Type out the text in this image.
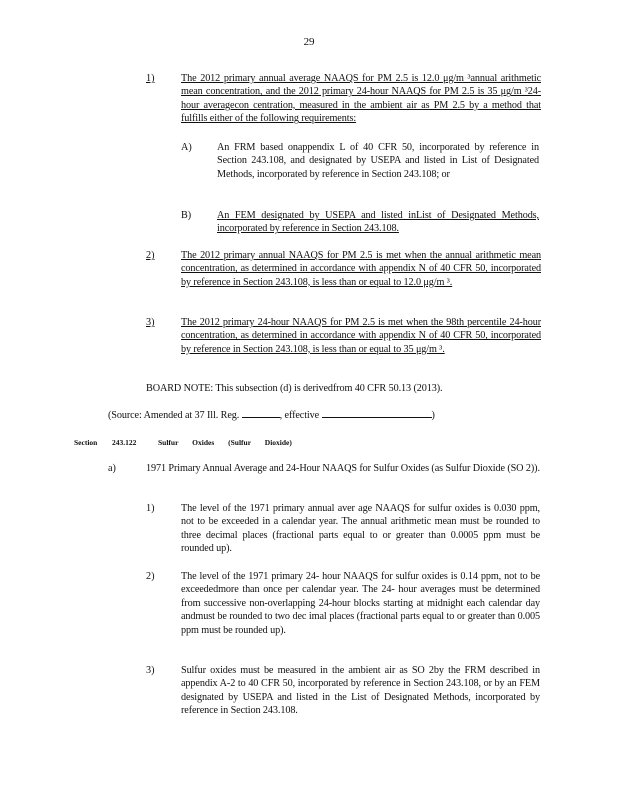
29
1)	The 2012 primary annual average NAAQS for PM 2.5 is 12.0 μg/m ³annual arithmetic mean concentration, and the 2012 primary 24-hour NAAQS for PM 2.5 is 35 μg/m ³24-hour averagecon centration, measured in the ambient air as PM 2.5 by a method that fulfills either of the following requirements:
A) An FRM based onappendix L of 40 CFR 50, incorporated by reference in Section 243.108, and designated by USEPA and listed in List of Designated Methods, incorporated by reference in Section 243.108; or
B)	An FEM designated by USEPA and listed inList of Designated Methods, incorporated by reference in Section 243.108.
2)	The 2012 primary annual NAAQS for PM 2.5 is met when the annual arithmetic mean concentration, as determined in accordance with appendix N of 40 CFR 50, incorporated by reference in Section 243.108, is less than or equal to 12.0 μg/m ³.
3)	The 2012 primary 24-hour NAAQS for PM 2.5 is met when the 98th percentile 24-hour concentration, as determined in accordance with appendix N of 40 CFR 50, incorporated by reference in Section 243.108, is less than or equal to 35 μg/m ³.
BOARD NOTE: This subsection (d) is derivedfrom 40 CFR 50.13 (2013).
(Source: Amended at 37 Ill. Reg.	, effective	)
Section 243.122	Sulfur Oxides (Sulfur Dioxide)
a)	1971 Primary Annual Average and 24-Hour NAAQS for Sulfur Oxides (as Sulfur Dioxide (SO 2)).
1)	The level of the 1971 primary annual aver age NAAQS for sulfur oxides is 0.030 ppm, not to be exceeded in a calendar year. The annual arithmetic mean must be rounded to three decimal places (fractional parts equal to or greater than 0.0005 ppm must be rounded up).
2)	The level of the 1971 primary 24- hour NAAQS for sulfur oxides is 0.14 ppm, not to be exceededmore than once per calendar year. The 24- hour averages must be determined from successive non-overlapping 24-hour blocks starting at midnight each calendar day andmust be rounded to two dec imal places (fractional parts equal to or greater than 0.005 ppm must be rounded up).
3)	Sulfur oxides must be measured in the ambient air as SO 2by the FRM described in appendix A-2 to 40 CFR 50, incorporated by reference in Section 243.108, or by an FEM designated by USEPA and listed in the List of Designated Methods, incorporated by reference in Section 243.108.
